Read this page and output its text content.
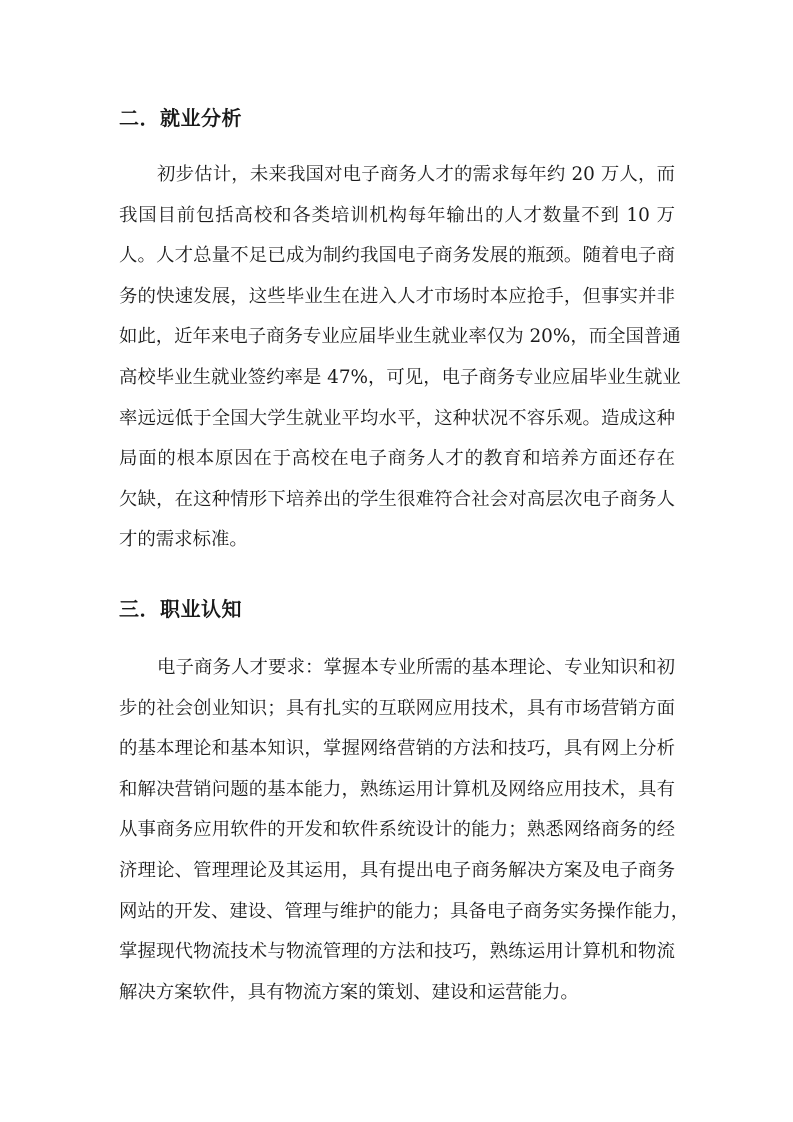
二．就业分析
初步估计，未来我国对电子商务人才的需求每年约 20 万人，而
我国目前包括高校和各类培训机构每年输出的人才数量不到 10 万
人。人才总量不足已成为制约我国电子商务发展的瓶颈。随着电子商
务的快速发展，这些毕业生在进入人才市场时本应抢手，但事实并非
如此，近年来电子商务专业应届毕业生就业率仅为 20%，而全国普通
高校毕业生就业签约率是 47%，可见，电子商务专业应届毕业生就业
率远远低于全国大学生就业平均水平，这种状况不容乐观。造成这种
局面的根本原因在于高校在电子商务人才的教育和培养方面还存在
欠缺，在这种情形下培养出的学生很难符合社会对高层次电子商务人
才的需求标准。
三．职业认知
电子商务人才要求：掌握本专业所需的基本理论、专业知识和初
步的社会创业知识；具有扎实的互联网应用技术，具有市场营销方面
的基本理论和基本知识，掌握网络营销的方法和技巧，具有网上分析
和解决营销问题的基本能力，熟练运用计算机及网络应用技术，具有
从事商务应用软件的开发和软件系统设计的能力；熟悉网络商务的经
济理论、管理理论及其运用，具有提出电子商务解决方案及电子商务
网站的开发、建设、管理与维护的能力；具备电子商务实务操作能力，
掌握现代物流技术与物流管理的方法和技巧，熟练运用计算机和物流
解决方案软件，具有物流方案的策划、建设和运营能力。
